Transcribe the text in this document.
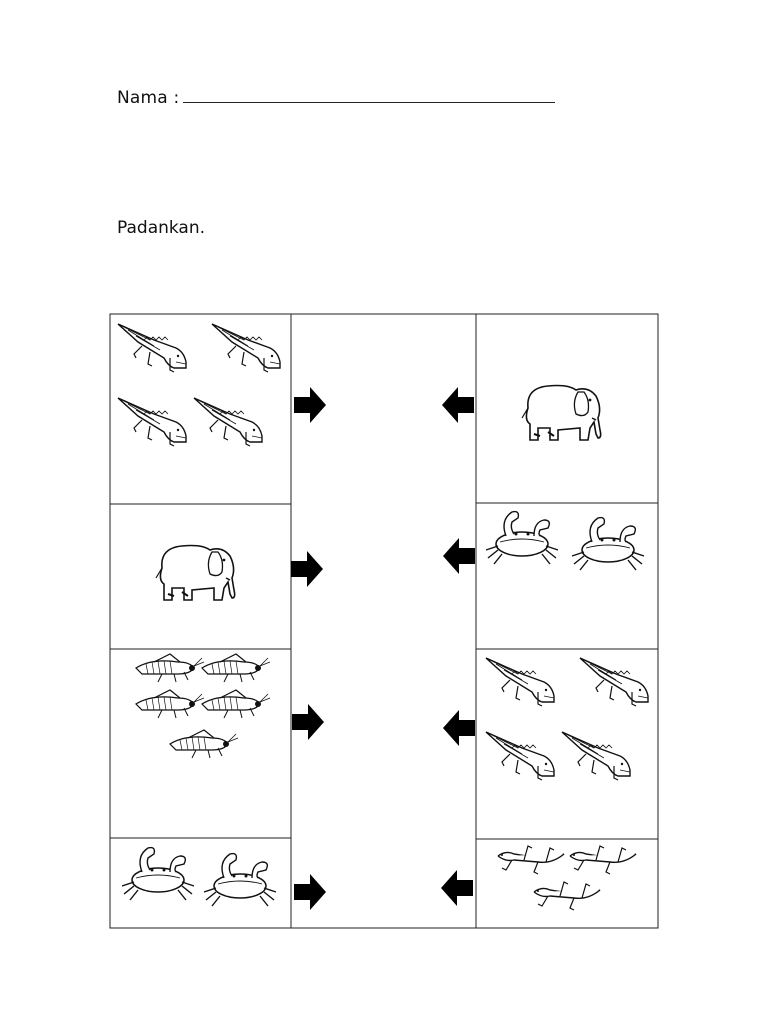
Nama :
Padankan.
